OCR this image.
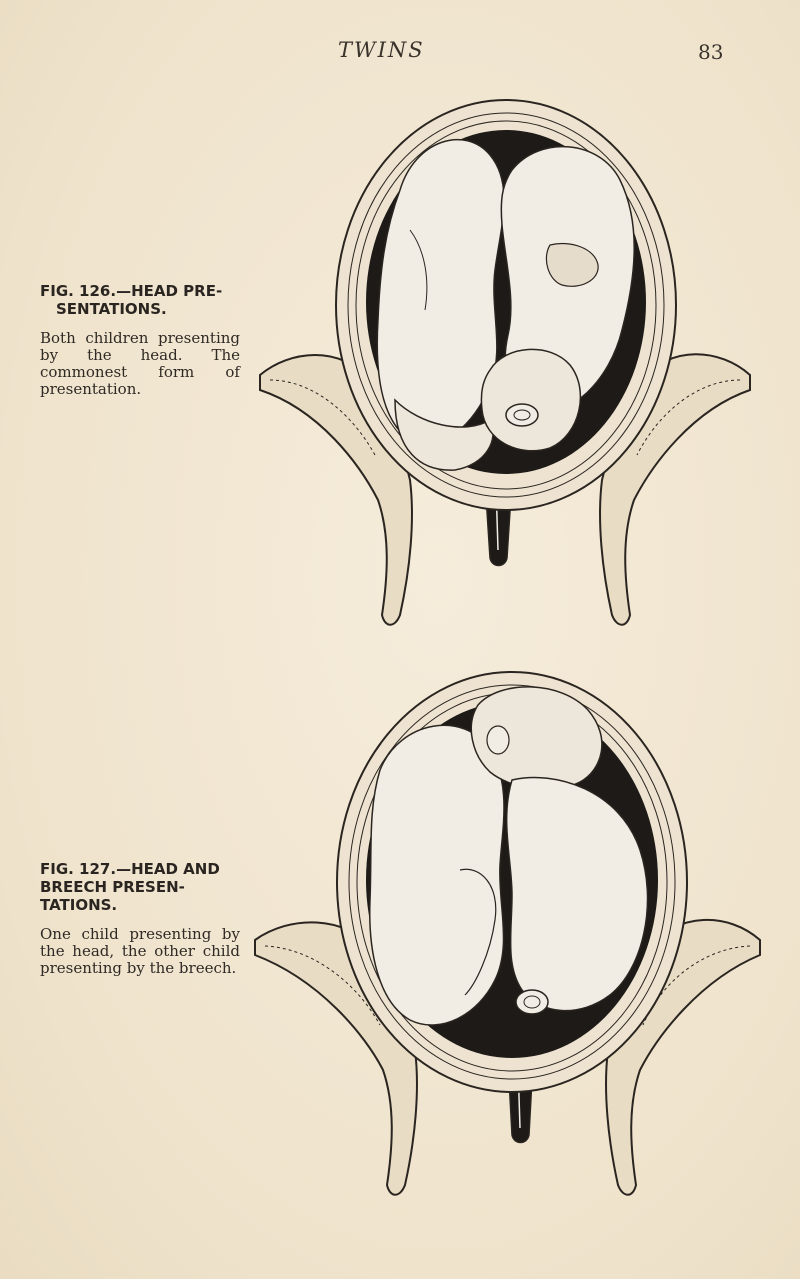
TWINS	83

FIG. 126.—HEAD PRE-

SENTATIONS.

Both children presenting by the head. The commonest form of presentation.

FIG. 127.—HEAD AND
BREECH PRESEN-
TATIONS.

One child presenting by the head, the other child presenting by the breech.
